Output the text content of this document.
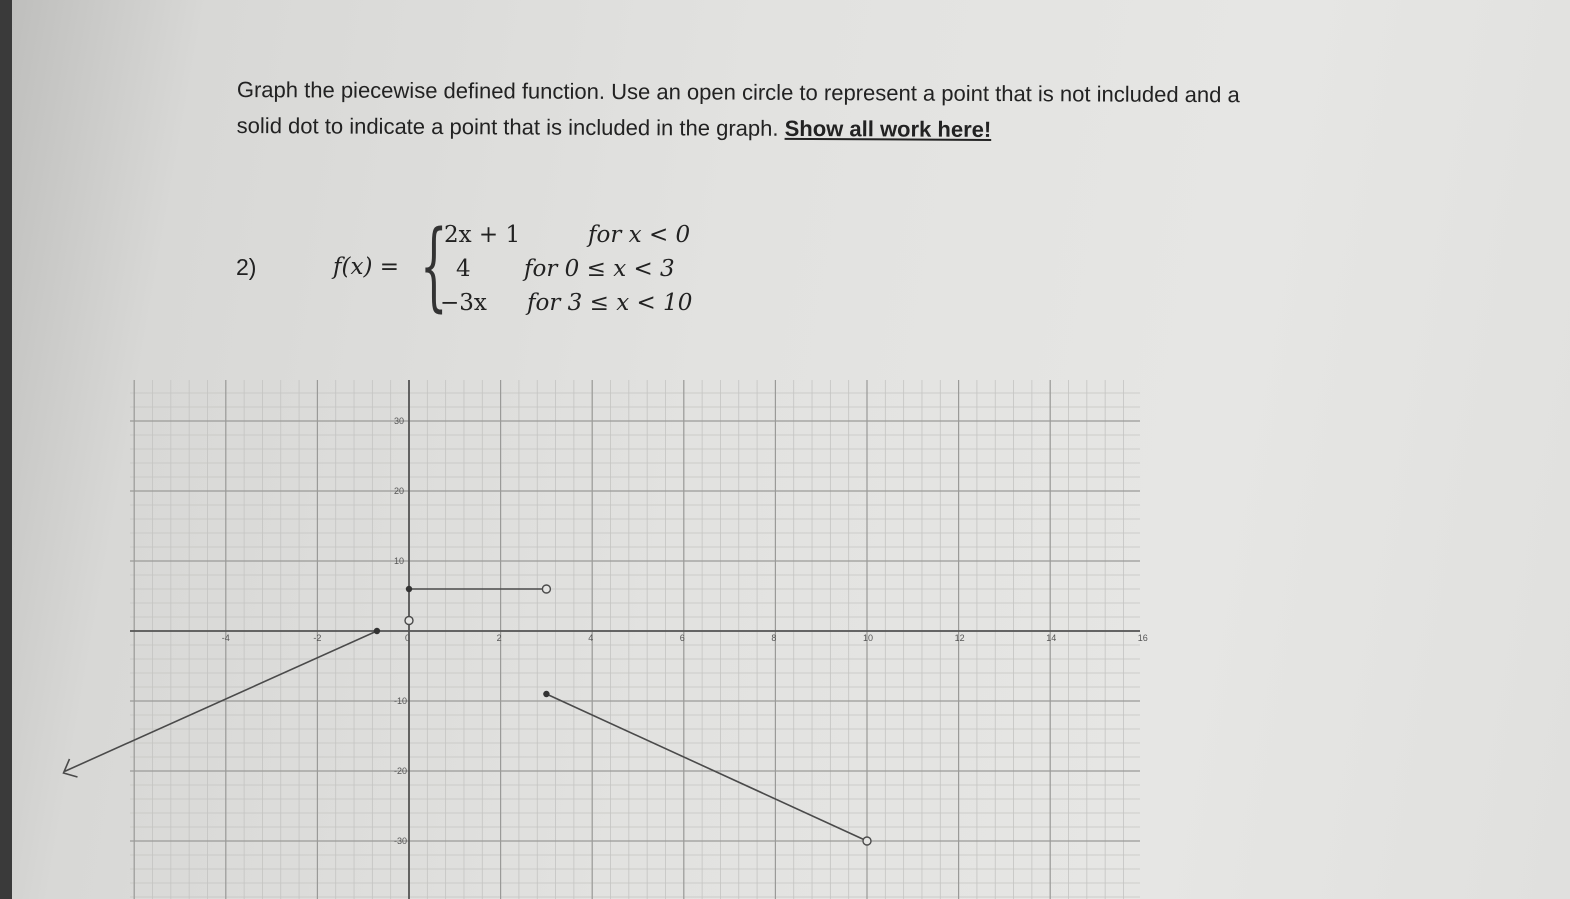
Graph the piecewise defined function. Use an open circle to represent a point that is not included and a
solid dot to indicate a point that is included in the graph. Show all work here!
2)	f(x) = {
2x + 1	for x < 0
4 for 0 ≤ x < 3
−3x for 3 ≤ x < 10
-4	-2	0	2	4	6	8	10	12	14	16
30
20
10
-10
-20
-30
